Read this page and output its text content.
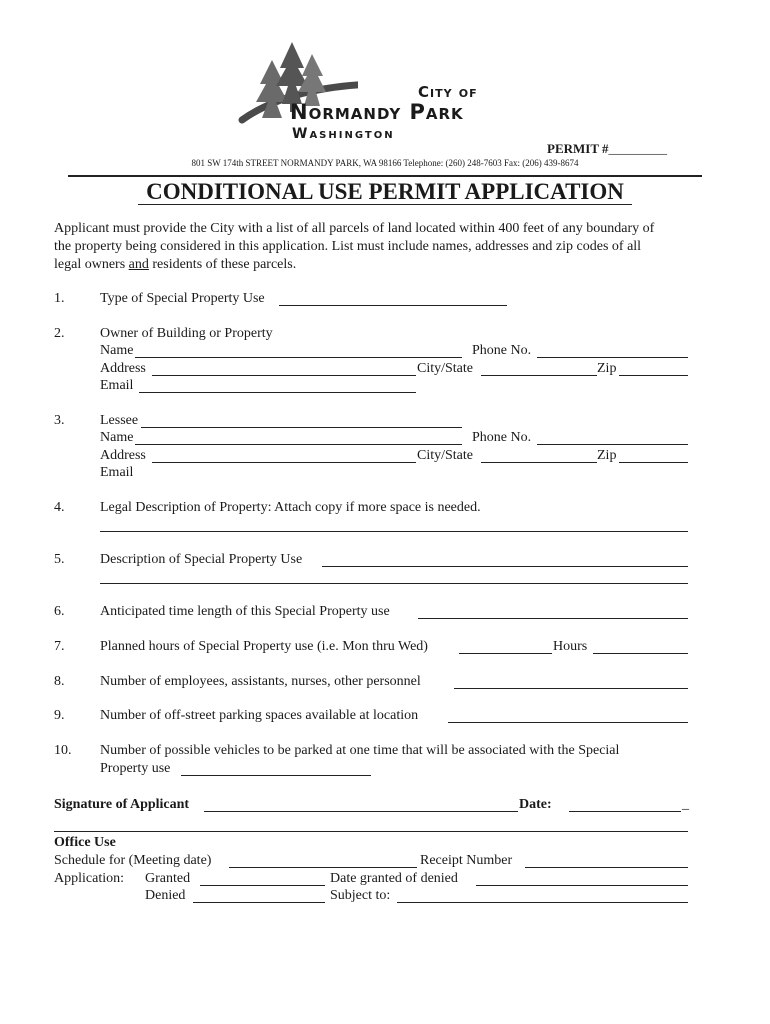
City of
Normandy Park
Washington
PERMIT #_________
801 SW 174th STREET NORMANDY PARK, WA 98166 Telephone: (260) 248-7603 Fax: (206) 439-8674
CONDITIONAL USE PERMIT APPLICATION
Applicant must provide the City with a list of all parcels of land located within 400 feet of any boundary of
the property being considered in this application. List must include names, addresses and zip codes of all
legal owners and residents of these parcels.
1.	Type of Special Property Use
2.	Owner of Building or Property
Name	Phone No.
Address	City/State	Zip
Email
3.	Lessee
Name	Phone No.
Address	City/State	Zip
Email
4.	Legal Description of Property: Attach copy if more space is needed.
5.	Description of Special Property Use
6.	Anticipated time length of this Special Property use
7.	Planned hours of Special Property use (i.e. Mon thru Wed)	Hours
8.	Number of employees, assistants, nurses, other personnel
9.	Number of off-street parking spaces available at location
10. Number of possible vehicles to be parked at one time that will be associated with the Special
Property use
Signature of Applicant	Date:	_
Office Use
Schedule for (Meeting date)	Receipt Number
Application: Granted	Date granted of denied
Denied	Subject to:
